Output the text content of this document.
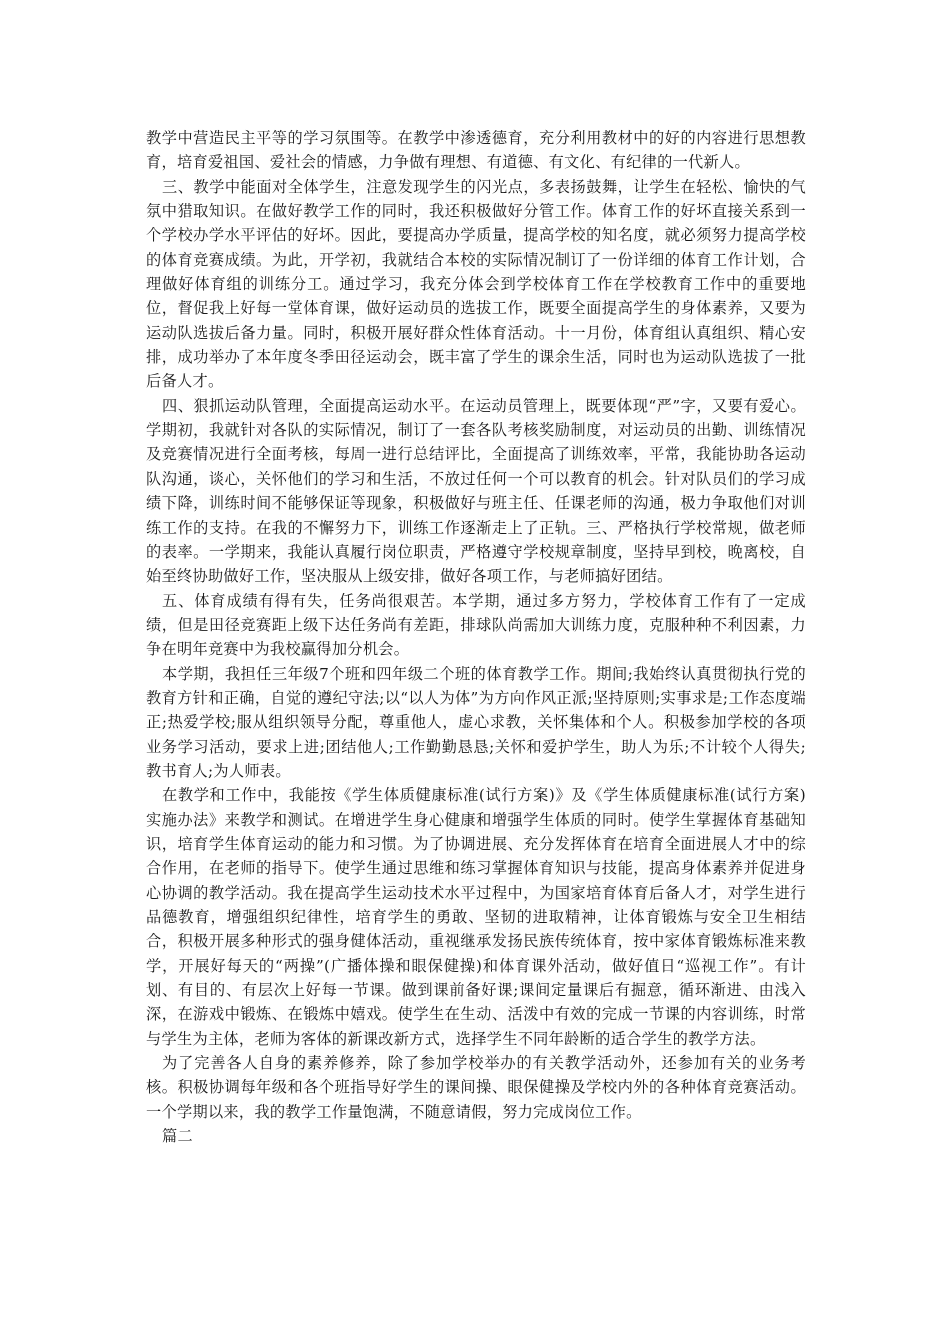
教学中营造民主平等的学习氛围等。在教学中渗透德育，充分利用教材中的好的内容进行思想教育，培育爱祖国、爱社会的情感，力争做有理想、有道德、有文化、有纪律的一代新人。

三、教学中能面对全体学生，注意发现学生的闪光点，多表扬鼓舞，让学生在轻松、愉快的气氛中猎取知识。在做好教学工作的同时，我还积极做好分管工作。体育工作的好坏直接关系到一个学校办学水平评估的好坏。因此，要提高办学质量，提高学校的知名度，就必须努力提高学校的体育竞赛成绩。为此，开学初，我就结合本校的实际情况制订了一份详细的体育工作计划，合理做好体育组的训练分工。通过学习，我充分体会到学校体育工作在学校教育工作中的重要地位，督促我上好每一堂体育课，做好运动员的选拔工作，既要全面提高学生的身体素养，又要为运动队选拔后备力量。同时，积极开展好群众性体育活动。十一月份，体育组认真组织、精心安排，成功举办了本年度冬季田径运动会，既丰富了学生的课余生活，同时也为运动队选拔了一批后备人才。

四、狠抓运动队管理，全面提高运动水平。在运动员管理上，既要体现“严”字，又要有爱心。学期初，我就针对各队的实际情况，制订了一套各队考核奖励制度，对运动员的出勤、训练情况及竞赛情况进行全面考核，每周一进行总结评比，全面提高了训练效率，平常，我能协助各运动队沟通，谈心，关怀他们的学习和生活，不放过任何一个可以教育的机会。针对队员们的学习成绩下降，训练时间不能够保证等现象，积极做好与班主任、任课老师的沟通，极力争取他们对训练工作的支持。在我的不懈努力下，训练工作逐渐走上了正轨。三、严格执行学校常规，做老师的表率。一学期来，我能认真履行岗位职责，严格遵守学校规章制度，坚持早到校，晚离校，自始至终协助做好工作，坚决服从上级安排，做好各项工作，与老师搞好团结。

五、体育成绩有得有失，任务尚很艰苦。本学期，通过多方努力，学校体育工作有了一定成绩，但是田径竞赛距上级下达任务尚有差距，排球队尚需加大训练力度，克服种种不利因素，力争在明年竞赛中为我校赢得加分机会。

本学期，我担任三年级7个班和四年级二个班的体育教学工作。期间;我始终认真贯彻执行党的教育方针和正确，自觉的遵纪守法;以“以人为体”为方向作风正派;坚持原则;实事求是;工作态度端正;热爱学校;服从组织领导分配，尊重他人，虚心求教，关怀集体和个人。积极参加学校的各项业务学习活动，要求上进;团结他人;工作勤勤恳恳;关怀和爱护学生，助人为乐;不计较个人得失;教书育人;为人师表。

在教学和工作中，我能按《学生体质健康标准(试行方案)》及《学生体质健康标准(试行方案)实施办法》来教学和测试。在增进学生身心健康和增强学生体质的同时。使学生掌握体育基础知识，培育学生体育运动的能力和习惯。为了协调进展、充分发挥体育在培育全面进展人才中的综合作用，在老师的指导下。使学生通过思维和练习掌握体育知识与技能，提高身体素养并促进身心协调的教学活动。我在提高学生运动技术水平过程中，为国家培育体育后备人才，对学生进行品德教育，增强组织纪律性，培育学生的勇敢、坚韧的进取精神，让体育锻炼与安全卫生相结合，积极开展多种形式的强身健体活动，重视继承发扬民族传统体育，按中家体育锻炼标准来教学，开展好每天的“两操”(广播体操和眼保健操)和体育课外活动，做好值日“巡视工作”。有计划、有目的、有层次上好每一节课。做到课前备好课;课间定量课后有掘意，循环渐进、由浅入深，在游戏中锻炼、在锻炼中嬉戏。使学生在生动、活泼中有效的完成一节课的内容训练，时常与学生为主体，老师为客体的新课改新方式，选择学生不同年龄断的适合学生的教学方法。

为了完善各人自身的素养修养，除了参加学校举办的有关教学活动外，还参加有关的业务考核。积极协调每年级和各个班指导好学生的课间操、眼保健操及学校内外的各种体育竞赛活动。一个学期以来，我的教学工作量饱满，不随意请假，努力完成岗位工作。

篇二
